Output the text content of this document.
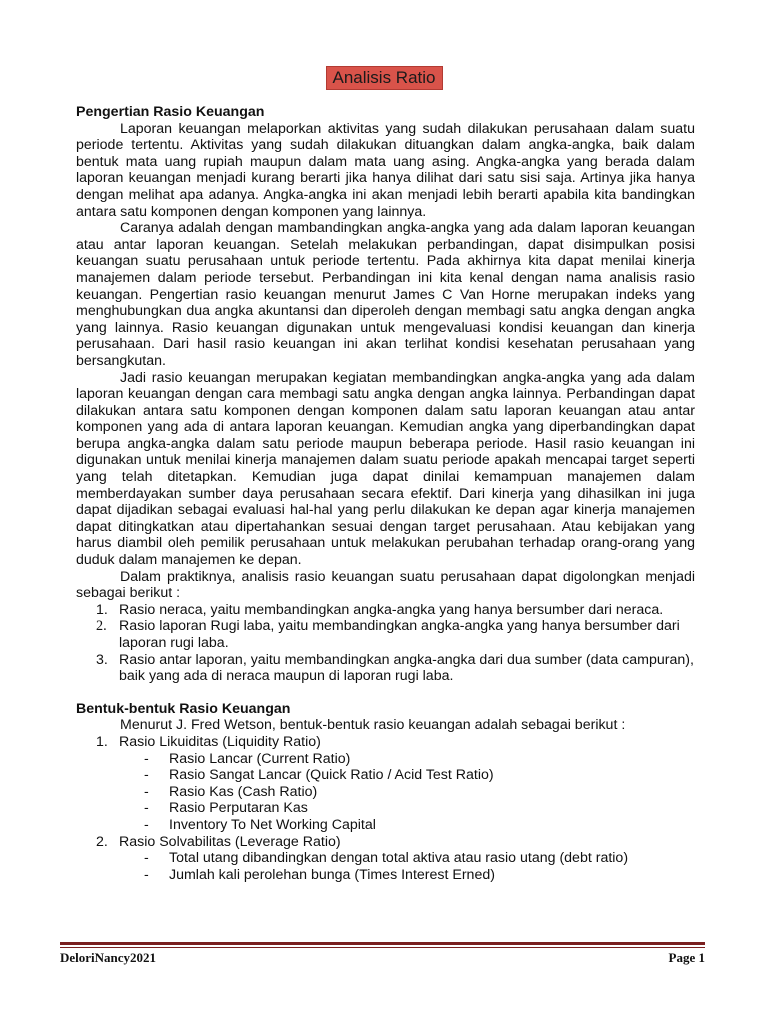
Analisis Ratio

Pengertian Rasio Keuangan

Laporan keuangan melaporkan aktivitas yang sudah dilakukan perusahaan dalam suatu periode tertentu. Aktivitas yang sudah dilakukan dituangkan dalam angka-angka, baik dalam bentuk mata uang rupiah maupun dalam mata uang asing. Angka-angka yang berada dalam laporan keuangan menjadi kurang berarti jika hanya dilihat dari satu sisi saja. Artinya jika hanya dengan melihat apa adanya. Angka-angka ini akan menjadi lebih berarti apabila kita bandingkan antara satu komponen dengan komponen yang lainnya.

Caranya adalah dengan mambandingkan angka-angka yang ada dalam laporan keuangan atau antar laporan keuangan. Setelah melakukan perbandingan, dapat disimpulkan posisi keuangan suatu perusahaan untuk periode tertentu. Pada akhirnya kita dapat menilai kinerja manajemen dalam periode tersebut. Perbandingan ini kita kenal dengan nama analisis rasio keuangan. Pengertian rasio keuangan menurut James C Van Horne merupakan indeks yang menghubungkan dua angka akuntansi dan diperoleh dengan membagi satu angka dengan angka yang lainnya. Rasio keuangan digunakan untuk mengevaluasi kondisi keuangan dan kinerja perusahaan. Dari hasil rasio keuangan ini akan terlihat kondisi kesehatan perusahaan yang bersangkutan.

Jadi rasio keuangan merupakan kegiatan membandingkan angka-angka yang ada dalam laporan keuangan dengan cara membagi satu angka dengan angka lainnya. Perbandingan dapat dilakukan antara satu komponen dengan komponen dalam satu laporan keuangan atau antar komponen yang ada di antara laporan keuangan. Kemudian angka yang diperbandingkan dapat berupa angka-angka dalam satu periode maupun beberapa periode. Hasil rasio keuangan ini digunakan untuk menilai kinerja manajemen dalam suatu periode apakah mencapai target seperti yang telah ditetapkan. Kemudian juga dapat dinilai kemampuan manajemen dalam memberdayakan sumber daya perusahaan secara efektif. Dari kinerja yang dihasilkan ini juga dapat dijadikan sebagai evaluasi hal-hal yang perlu dilakukan ke depan agar kinerja manajemen dapat ditingkatkan atau dipertahankan sesuai dengan target perusahaan. Atau kebijakan yang harus diambil oleh pemilik perusahaan untuk melakukan perubahan terhadap orang-orang yang duduk dalam manajemen ke depan.

Dalam praktiknya, analisis rasio keuangan suatu perusahaan dapat digolongkan menjadi sebagai berikut :

1. Rasio neraca, yaitu membandingkan angka-angka yang hanya bersumber dari neraca.
2. Rasio laporan Rugi laba, yaitu membandingkan angka-angka yang hanya bersumber dari laporan rugi laba.
3. Rasio antar laporan, yaitu membandingkan angka-angka dari dua sumber (data campuran), baik yang ada di neraca maupun di laporan rugi laba.

Bentuk-bentuk Rasio Keuangan

Menurut J. Fred Wetson, bentuk-bentuk rasio keuangan adalah sebagai berikut :

1. Rasio Likuiditas (Liquidity Ratio)
- Rasio Lancar (Current Ratio)
- Rasio Sangat Lancar (Quick Ratio / Acid Test Ratio)
- Rasio Kas (Cash Ratio)
- Rasio Perputaran Kas
- Inventory To Net Working Capital
2. Rasio Solvabilitas (Leverage Ratio)
- Total utang dibandingkan dengan total aktiva atau rasio utang (debt ratio)
- Jumlah kali perolehan bunga (Times Interest Erned)
DeloriNancy2021	Page 1
